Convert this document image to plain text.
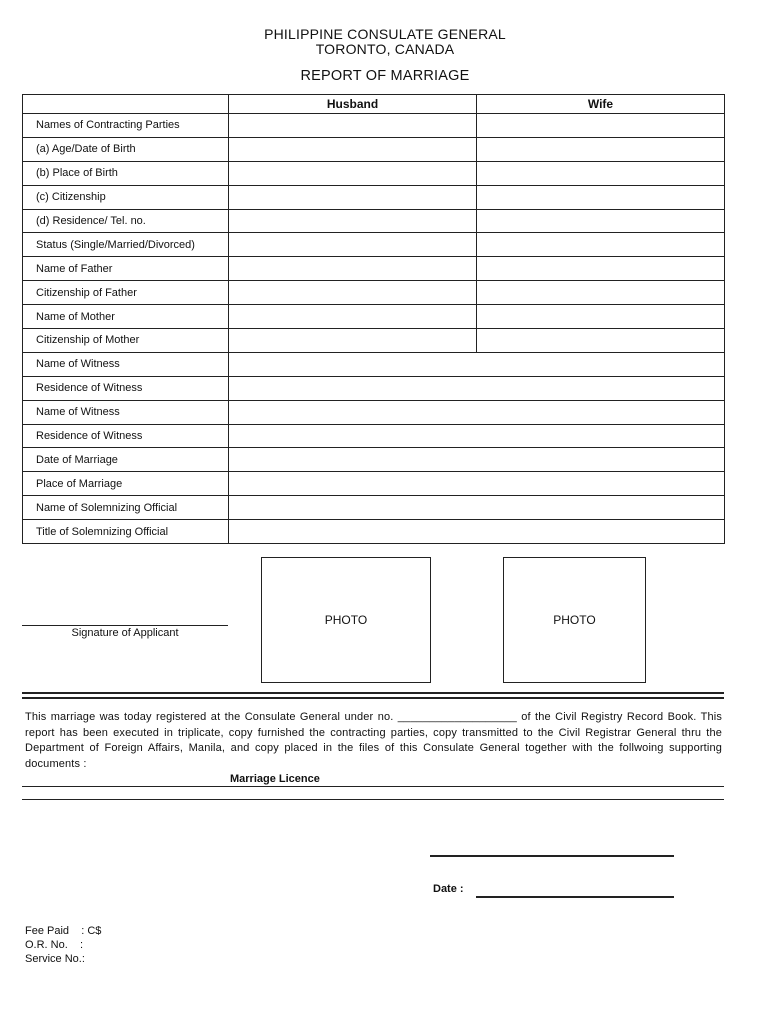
PHILIPPINE CONSULATE GENERAL
TORONTO, CANADA
REPORT OF MARRIAGE
	Husband	Wife
Names of Contracting Parties		
(a) Age/Date of Birth		
(b) Place of Birth		
(c) Citizenship		
(d) Residence/ Tel. no.		
Status (Single/Married/Divorced)		
Name of Father		
Citizenship of Father		
Name of Mother		
Citizenship of Mother		
Name of Witness		
Residence of Witness		
Name of Witness		
Residence of Witness		
Date of Marriage		
Place of Marriage		
Name of Solemnizing Official		
Title of Solemnizing Official		
PHOTO	PHOTO
Signature of Applicant
This marriage was today registered at the Consulate General under no. ___________________ of the Civil Registry Record Book. This report has been executed in triplicate, copy furnished the contracting parties, copy transmitted to the Civil Registrar General thru the Department of Foreign Affairs, Manila, and copy placed in the files of this Consulate General together with the follwoing supporting documents :
Marriage Licence
Date :
Fee Paid    : C$
O.R. No.    :
Service No.:
